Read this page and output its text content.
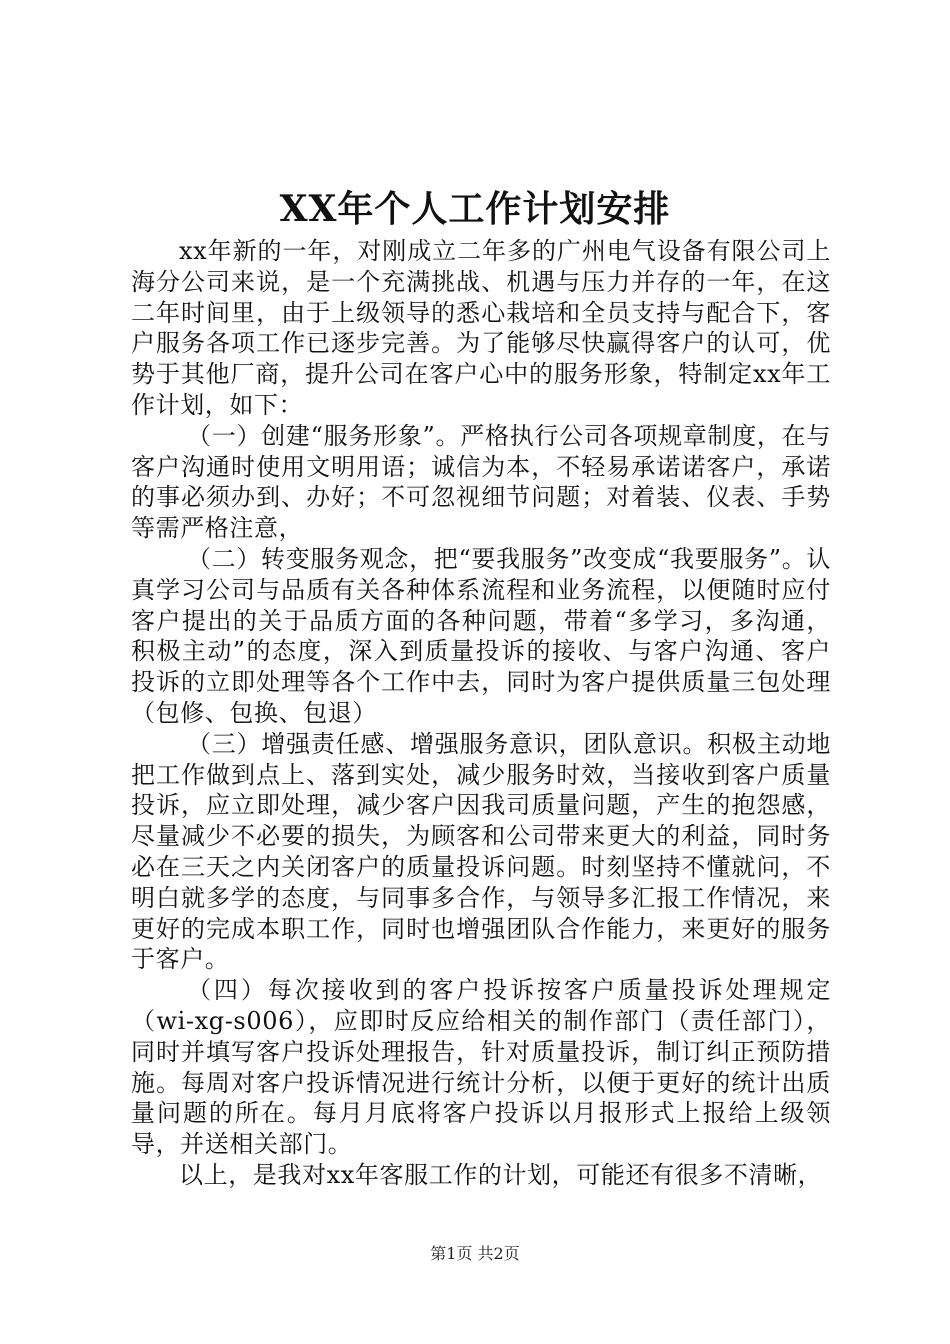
XX年个人工作计划安排

xx年新的一年，对刚成立二年多的广州电气设备有限公司上海分公司来说，是一个充满挑战、机遇与压力并存的一年，在这二年时间里，由于上级领导的悉心栽培和全员支持与配合下，客户服务各项工作已逐步完善。为了能够尽快赢得客户的认可，优势于其他厂商，提升公司在客户心中的服务形象，特制定xx年工作计划，如下：

（一）创建“服务形象”。严格执行公司各项规章制度，在与客户沟通时使用文明用语；诚信为本，不轻易承诺诺客户，承诺的事必须办到、办好；不可忽视细节问题；对着装、仪表、手势等需严格注意，

（二）转变服务观念，把“要我服务”改变成“我要服务”。认真学习公司与品质有关各种体系流程和业务流程，以便随时应付客户提出的关于品质方面的各种问题，带着“多学习，多沟通，积极主动”的态度，深入到质量投诉的接收、与客户沟通、客户投诉的立即处理等各个工作中去，同时为客户提供质量三包处理（包修、包换、包退）

（三）增强责任感、增强服务意识，团队意识。积极主动地把工作做到点上、落到实处，减少服务时效，当接收到客户质量投诉，应立即处理，减少客户因我司质量问题，产生的抱怨感，尽量减少不必要的损失，为顾客和公司带来更大的利益，同时务必在三天之内关闭客户的质量投诉问题。时刻坚持不懂就问，不明白就多学的态度，与同事多合作，与领导多汇报工作情况，来更好的完成本职工作，同时也增强团队合作能力，来更好的服务于客户。

（四）每次接收到的客户投诉按客户质量投诉处理规定（wi-xg-s006），应即时反应给相关的制作部门（责任部门），同时并填写客户投诉处理报告，针对质量投诉，制订纠正预防措施。每周对客户投诉情况进行统计分析，以便于更好的统计出质量问题的所在。每月月底将客户投诉以月报形式上报给上级领导，并送相关部门。

以上，是我对xx年客服工作的计划，可能还有很多不清晰，

第1页 共2页
